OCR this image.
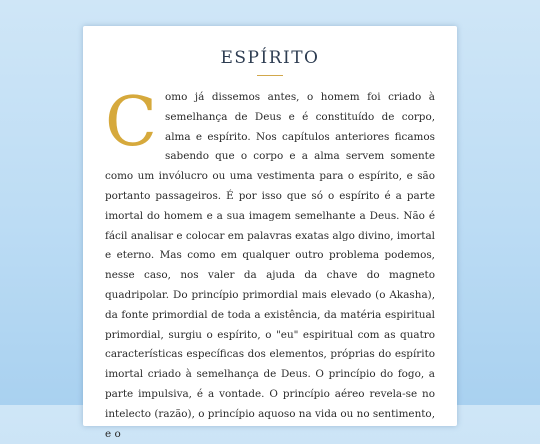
ESPÍRITO
Como já dissemos antes, o homem foi criado à semelhança de Deus e é constituído de corpo, alma e espírito. Nos capítulos anteriores ficamos sabendo que o corpo e a alma servem somente como um invólucro ou uma vestimenta para o espírito, e são portanto passageiros. É por isso que só o espírito é a parte imortal do homem e a sua imagem semelhante a Deus. Não é fácil analisar e colocar em palavras exatas algo divino, imortal e eterno. Mas como em qualquer outro problema podemos, nesse caso, nos valer da ajuda da chave do magneto quadripolar. Do princípio primordial mais elevado (o Akasha), da fonte primordial de toda a existência, da matéria espiritual primordial, surgiu o espírito, o "eu" espiritual com as quatro características específicas dos elementos, próprias do espírito imortal criado à semelhança de Deus. O princípio do fogo, a parte impulsiva, é a vontade. O princípio aéreo revela-se no intelecto (razão), o princípio aquoso na vida ou no sentimento, e o
